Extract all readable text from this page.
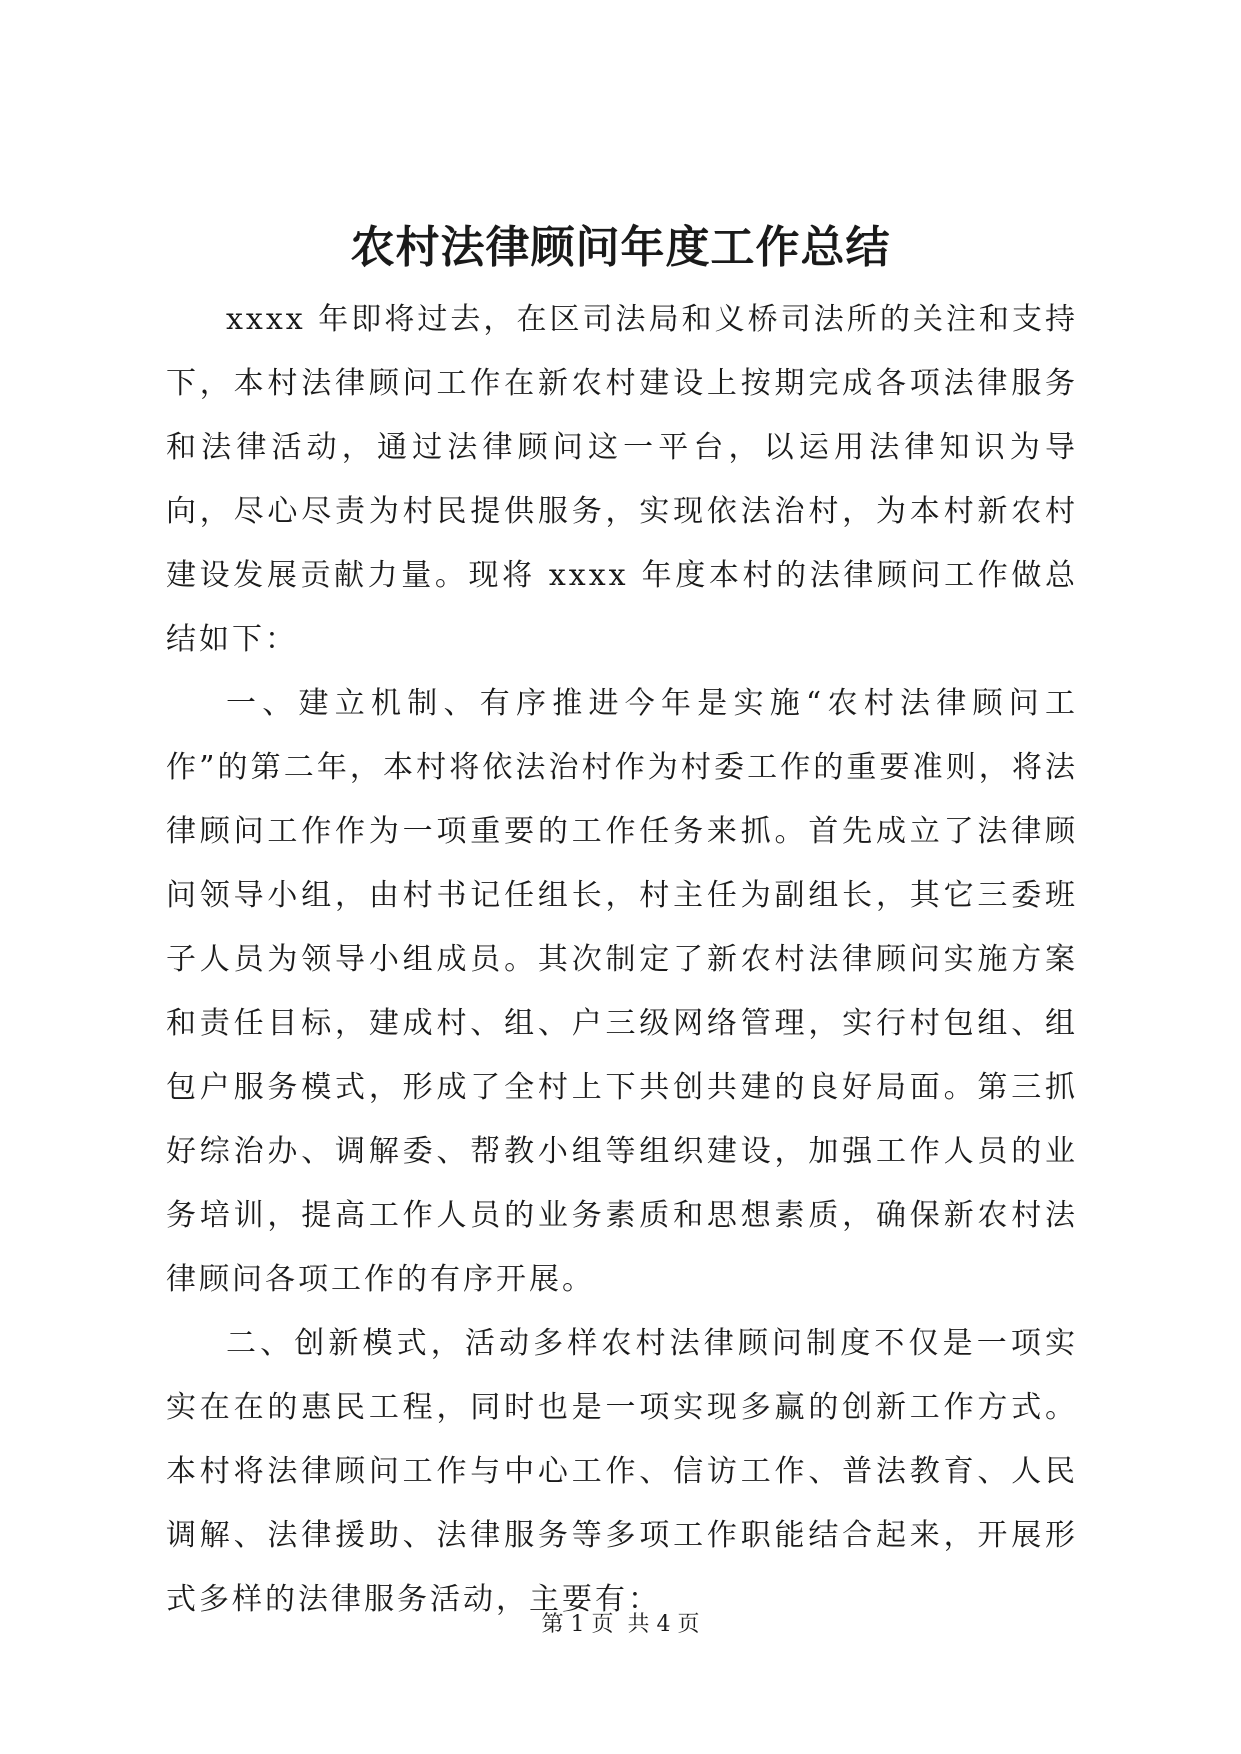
农村法律顾问年度工作总结

xxxx 年即将过去，在区司法局和义桥司法所的关注和支持下，本村法律顾问工作在新农村建设上按期完成各项法律服务和法律活动，通过法律顾问这一平台，以运用法律知识为导向，尽心尽责为村民提供服务，实现依法治村，为本村新农村建设发展贡献力量。现将 xxxx 年度本村的法律顾问工作做总结如下：

一、建立机制、有序推进今年是实施“农村法律顾问工作”的第二年，本村将依法治村作为村委工作的重要准则，将法律顾问工作作为一项重要的工作任务来抓。首先成立了法律顾问领导小组，由村书记任组长，村主任为副组长，其它三委班子人员为领导小组成员。其次制定了新农村法律顾问实施方案和责任目标，建成村、组、户三级网络管理，实行村包组、组包户服务模式，形成了全村上下共创共建的良好局面。第三抓好综治办、调解委、帮教小组等组织建设，加强工作人员的业务培训，提高工作人员的业务素质和思想素质，确保新农村法律顾问各项工作的有序开展。

二、创新模式，活动多样农村法律顾问制度不仅是一项实实在在的惠民工程，同时也是一项实现多赢的创新工作方式。本村将法律顾问工作与中心工作、信访工作、普法教育、人民调解、法律援助、法律服务等多项工作职能结合起来，开展形式多样的法律服务活动，主要有：

第 1 页  共 4 页
